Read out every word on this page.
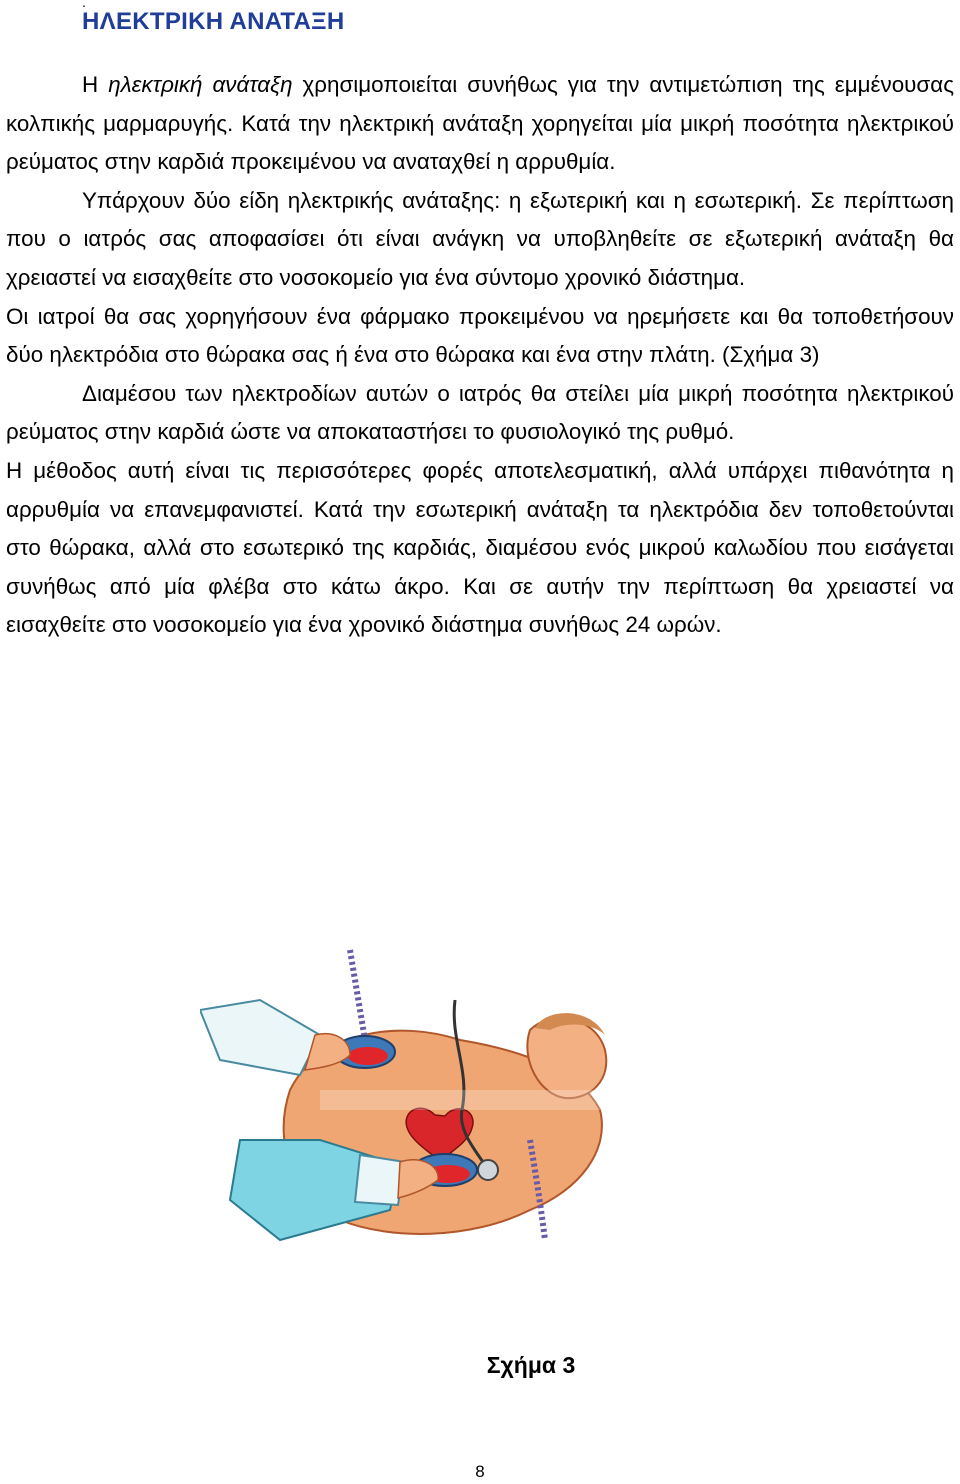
.
ΗΛΕΚΤΡΙΚΗ ΑΝΑΤΑΞΗ

Η ηλεκτρική ανάταξη χρησιμοποιείται συνήθως για την αντιμετώπιση της εμμένουσας κολπικής μαρμαρυγής. Κατά την ηλεκτρική ανάταξη χορηγείται μία μικρή ποσότητα ηλεκτρικού ρεύματος στην καρδιά προκειμένου να αναταχθεί η αρρυθμία.

Υπάρχουν δύο είδη ηλεκτρικής ανάταξης: η εξωτερική και η εσωτερική. Σε περίπτωση που ο ιατρός σας αποφασίσει ότι είναι ανάγκη να υποβληθείτε σε εξωτερική ανάταξη θα χρειαστεί να εισαχθείτε στο νοσοκομείο για ένα σύντομο χρονικό διάστημα.

Οι ιατροί θα σας χορηγήσουν ένα φάρμακο προκειμένου να ηρεμήσετε και θα τοποθετήσουν δύο ηλεκτρόδια στο θώρακα σας ή ένα στο θώρακα και ένα στην πλάτη. (Σχήμα 3)

Διαμέσου των ηλεκτροδίων αυτών ο ιατρός θα στείλει μία μικρή ποσότητα ηλεκτρικού ρεύματος στην καρδιά ώστε να αποκαταστήσει το φυσιολογικό της ρυθμό.

Η μέθοδος αυτή είναι τις περισσότερες φορές αποτελεσματική, αλλά υπάρχει πιθανότητα η αρρυθμία να επανεμφανιστεί. Κατά την εσωτερική ανάταξη τα ηλεκτρόδια δεν τοποθετούνται στο θώρακα, αλλά στο εσωτερικό της καρδιάς, διαμέσου ενός μικρού καλωδίου που εισάγεται συνήθως από μία φλέβα στο κάτω άκρο. Και σε αυτήν την περίπτωση θα χρειαστεί να εισαχθείτε στο νοσοκομείο για ένα χρονικό διάστημα συνήθως 24 ωρών.

Σχήμα 3
8
